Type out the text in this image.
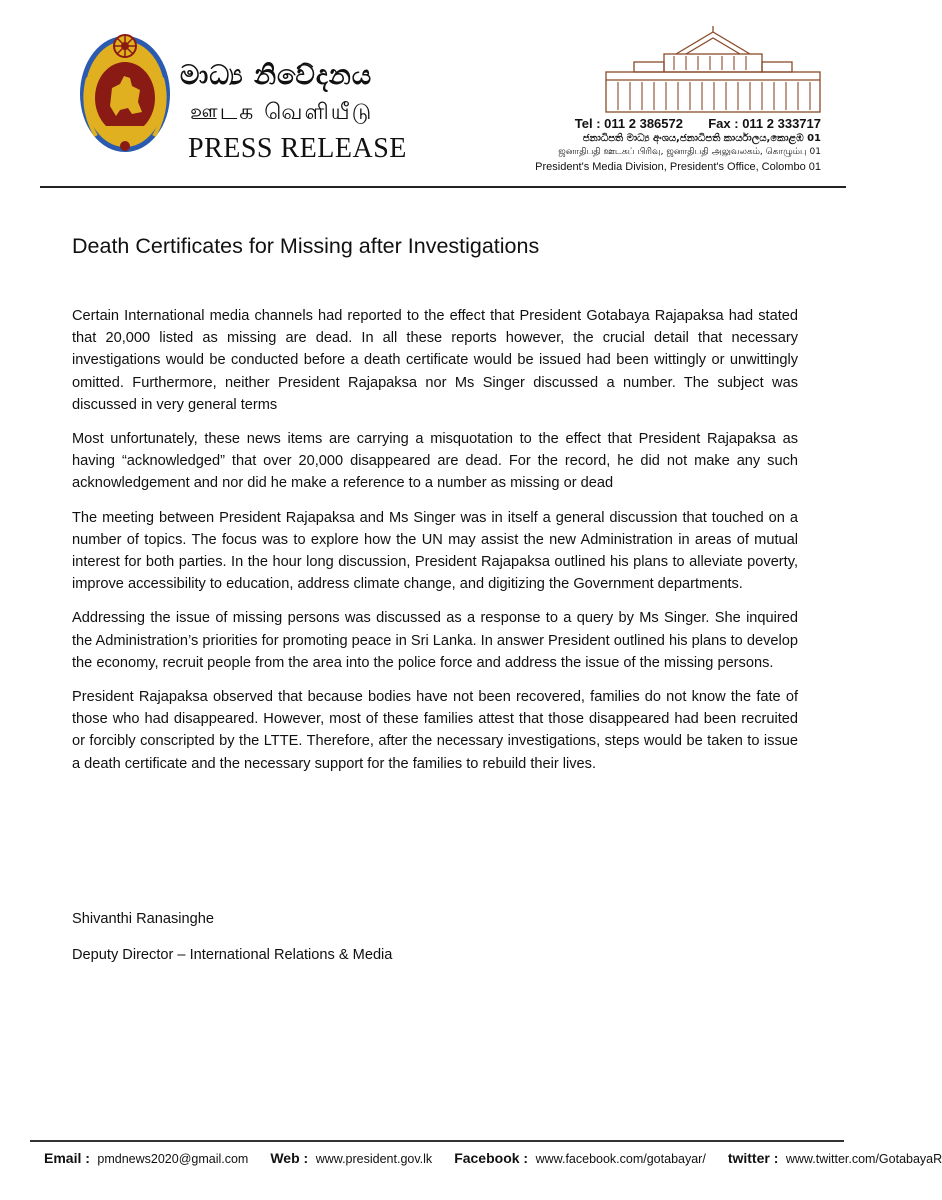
මාධ්‍ය නිවේදනය
ஊடக வெளியீடு
PRESS RELEASE
Tel : 011 2 386572 Fax : 011 2 333717
ජනාධිපති මාධ්‍ය අංශය,ජනාධිපති කාර්යාලය,කොළඹ 01
ஜனாதிபதி ஊடகப் பிரிவு, ஜனாதிபதி அலுவலகம், கொழும்பு 01
President's Media Division, President's Office, Colombo 01
Death Certificates for Missing after Investigations

Certain International media channels had reported to the effect that President Gotabaya Rajapaksa had stated that 20,000 listed as missing are dead. In all these reports however, the crucial detail that necessary investigations would be conducted before a death certificate would be issued had been wittingly or unwittingly omitted. Furthermore, neither President Rajapaksa nor Ms Singer discussed a number. The subject was discussed in very general terms

Most unfortunately, these news items are carrying a misquotation to the effect that President Rajapaksa as having “acknowledged” that over 20,000 disappeared are dead. For the record, he did not make any such acknowledgement and nor did he make a reference to a number as missing or dead

The meeting between President Rajapaksa and Ms Singer was in itself a general discussion that touched on a number of topics. The focus was to explore how the UN may assist the new Administration in areas of mutual interest for both parties. In the hour long discussion, President Rajapaksa outlined his plans to alleviate poverty, improve accessibility to education, address climate change, and digitizing the Government departments.

Addressing the issue of missing persons was discussed as a response to a query by Ms Singer. She inquired the Administration’s priorities for promoting peace in Sri Lanka. In answer President outlined his plans to develop the economy, recruit people from the area into the police force and address the issue of the missing persons.

President Rajapaksa observed that because bodies have not been recovered, families do not know the fate of those who had disappeared. However, most of these families attest that those disappeared had been recruited or forcibly conscripted by the LTTE. Therefore, after the necessary investigations, steps would be taken to issue a death certificate and the necessary support for the families to rebuild their lives.

Shivanthi Ranasinghe
Deputy Director – International Relations & Media
Email : pmdnews2020@gmail.com Web : www.president.gov.lk Facebook : www.facebook.com/gotabayar/ twitter : www.twitter.com/GotabayaR
